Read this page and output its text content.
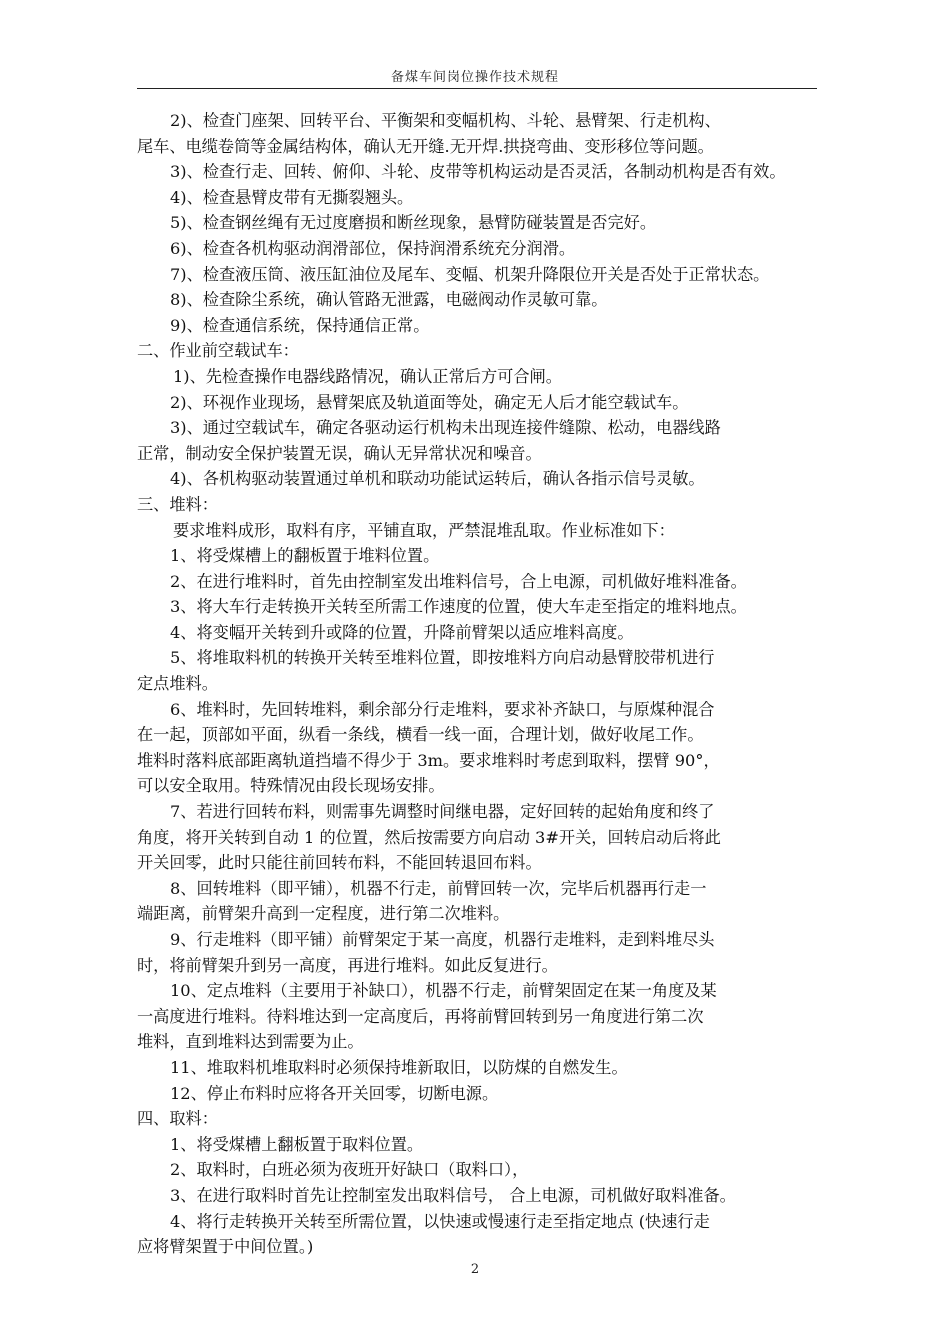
备煤车间岗位操作技术规程
2)、检查门座架、回转平台、平衡架和变幅机构、斗轮、悬臂架、行走机构、
尾车、电缆卷筒等金属结构体，确认无开缝.无开焊.拱挠弯曲、变形移位等问题。
3)、检查行走、回转、俯仰、斗轮、皮带等机构运动是否灵活，各制动机构是否有效。
4)、检查悬臂皮带有无撕裂翘头。
5)、检查钢丝绳有无过度磨损和断丝现象，悬臂防碰装置是否完好。
6)、检查各机构驱动润滑部位，保持润滑系统充分润滑。
7)、检查液压筒、液压缸油位及尾车、变幅、机架升降限位开关是否处于正常状态。
8)、检查除尘系统，确认管路无泄露，电磁阀动作灵敏可靠。
9)、检查通信系统，保持通信正常。
二、作业前空载试车：
1)、先检查操作电器线路情况，确认正常后方可合闸。
2)、环视作业现场，悬臂架底及轨道面等处，确定无人后才能空载试车。
3)、通过空载试车，确定各驱动运行机构未出现连接件缝隙、松动，电器线路
正常，制动安全保护装置无误，确认无异常状况和噪音。
4)、各机构驱动装置通过单机和联动功能试运转后，确认各指示信号灵敏。
三、堆料：
要求堆料成形，取料有序，平铺直取，严禁混堆乱取。作业标准如下：
1、将受煤槽上的翻板置于堆料位置。
2、在进行堆料时，首先由控制室发出堆料信号，合上电源，司机做好堆料准备。
3、将大车行走转换开关转至所需工作速度的位置，使大车走至指定的堆料地点。
4、将变幅开关转到升或降的位置，升降前臂架以适应堆料高度。
5、将堆取料机的转换开关转至堆料位置，即按堆料方向启动悬臂胶带机进行
定点堆料。
6、堆料时，先回转堆料，剩余部分行走堆料，要求补齐缺口，与原煤种混合
在一起，顶部如平面，纵看一条线，横看一线一面，合理计划，做好收尾工作。
堆料时落料底部距离轨道挡墙不得少于 3m。要求堆料时考虑到取料，摆臂 90°，
可以安全取用。特殊情况由段长现场安排。
7、若进行回转布料，则需事先调整时间继电器，定好回转的起始角度和终了
角度，将开关转到自动 1 的位置，然后按需要方向启动 3#开关，回转启动后将此
开关回零，此时只能往前回转布料，不能回转退回布料。
8、回转堆料（即平铺），机器不行走，前臂回转一次，完毕后机器再行走一
端距离，前臂架升高到一定程度，进行第二次堆料。
9、行走堆料（即平铺）前臂架定于某一高度，机器行走堆料，走到料堆尽头
时，将前臂架升到另一高度，再进行堆料。如此反复进行。
10、定点堆料（主要用于补缺口），机器不行走，前臂架固定在某一角度及某
一高度进行堆料。待料堆达到一定高度后，再将前臂回转到另一角度进行第二次
堆料，直到堆料达到需要为止。
11、堆取料机堆取料时必须保持堆新取旧，以防煤的自燃发生。
12、停止布料时应将各开关回零，切断电源。
四、取料：
1、将受煤槽上翻板置于取料位置。
2、取料时，白班必须为夜班开好缺口（取料口），
3、在进行取料时首先让控制室发出取料信号， 合上电源，司机做好取料准备。
4、将行走转换开关转至所需位置，以快速或慢速行走至指定地点 (快速行走
应将臂架置于中间位置。)
2
